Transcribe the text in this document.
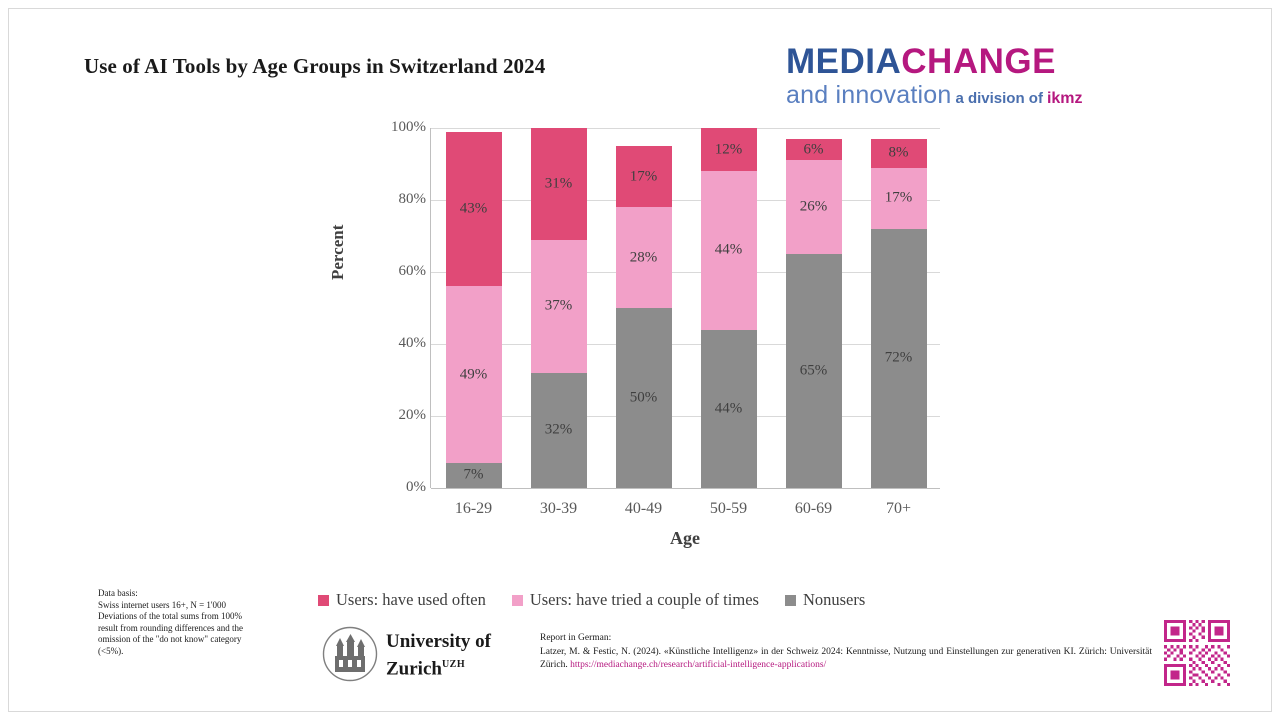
Use of AI Tools by Age Groups in Switzerland 2024	MEDIACHANGE
and innovation a division of ikmz
Percent
0%
20%
40%
60%
80%
100%
7%
49%
43%
16-29
32%
37%
31%
30-39
50%
28%
17%
40-49
44%
44%
12%
50-59
65%
26%
6%
60-69
72%
17%
8%
70+
Age
Users: have used often	Users: have tried a couple of times	Nonusers
Data basis:
Swiss internet users 16+, N = 1'000
Deviations of the total sums from 100%
result from rounding differences and the
omission of the "do not know" category
(<5%).	University of
Zurich$^{UZH}$
Report in German:
Latzer, M. & Festic, N. (2024). «Künstliche Intelligenz» in der Schweiz 2024: Kenntnisse, Nutzung und Einstellungen zur generativen KI. Zürich: Universität Zürich. https://mediachange.ch/research/artificial-intelligence-applications/
